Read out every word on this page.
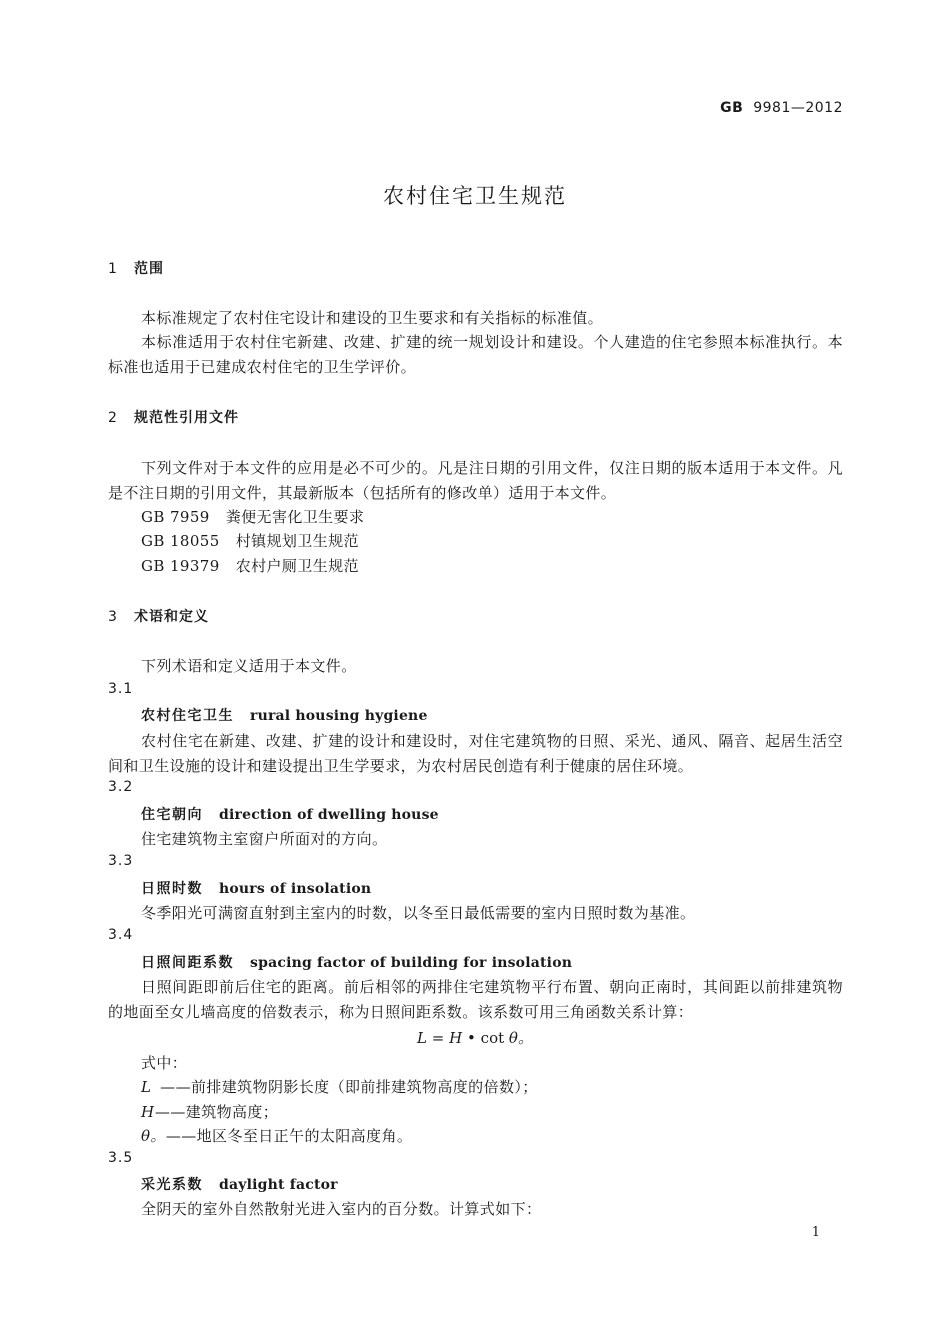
GB 9981—2012
农村住宅卫生规范
1 范围
本标准规定了农村住宅设计和建设的卫生要求和有关指标的标准值。
本标准适用于农村住宅新建、改建、扩建的统一规划设计和建设。个人建造的住宅参照本标准执行。本标准也适用于已建成农村住宅的卫生学评价。
2 规范性引用文件
下列文件对于本文件的应用是必不可少的。凡是注日期的引用文件，仅注日期的版本适用于本文件。凡是不注日期的引用文件，其最新版本（包括所有的修改单）适用于本文件。
GB 7959 粪便无害化卫生要求
GB 18055 村镇规划卫生规范
GB 19379 农村户厕卫生规范
3 术语和定义
下列术语和定义适用于本文件。
3.1
农村住宅卫生 rural housing hygiene
农村住宅在新建、改建、扩建的设计和建设时，对住宅建筑物的日照、采光、通风、隔音、起居生活空间和卫生设施的设计和建设提出卫生学要求，为农村居民创造有利于健康的居住环境。
3.2
住宅朝向 direction of dwelling house
住宅建筑物主室窗户所面对的方向。
3.3
日照时数 hours of insolation
冬季阳光可满窗直射到主室内的时数，以冬至日最低需要的室内日照时数为基准。
3.4
日照间距系数 spacing factor of building for insolation
日照间距即前后住宅的距离。前后相邻的两排住宅建筑物平行布置、朝向正南时，其间距以前排建筑物的地面至女儿墙高度的倍数表示，称为日照间距系数。该系数可用三角函数关系计算：
L = H • cot θ。
式中：
L ——前排建筑物阴影长度（即前排建筑物高度的倍数）；
H——建筑物高度；
θ。——地区冬至日正午的太阳高度角。
3.5
采光系数 daylight factor
全阴天的室外自然散射光进入室内的百分数。计算式如下：
1
